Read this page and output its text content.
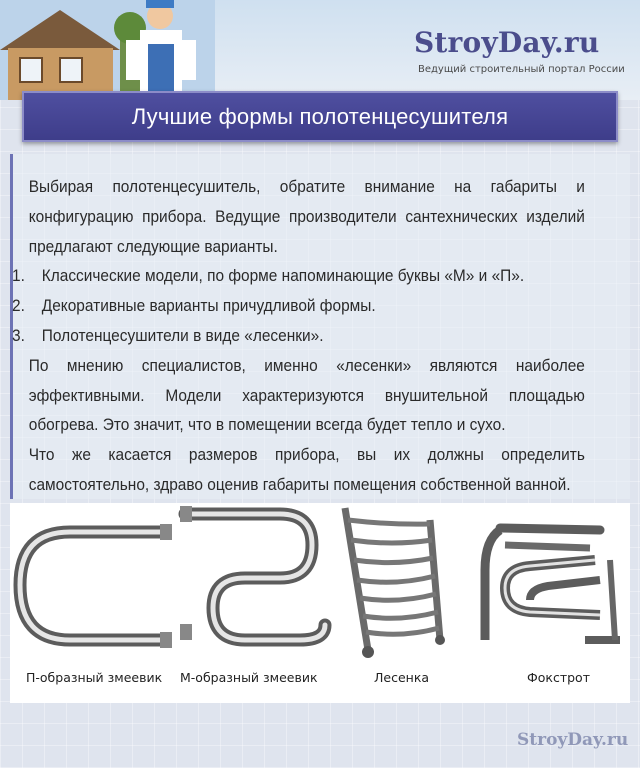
StroyDay.ru
Ведущий строительный портал России
Лучшие формы полотенцесушителя

Выбирая полотенцесушитель, обратите внимание на габариты и конфигурацию прибора. Ведущие производители сантехнических изделий предлагают следующие варианты.

1. Классические модели, по форме напоминающие буквы «М» и «П».

2. Декоративные варианты причудливой формы.

3. Полотенцесушители в виде «лесенки».

По мнению специалистов, именно «лесенки» являются наиболее эффективными. Модели характеризуются внушительной площадью обогрева. Это значит, что в помещении всегда будет тепло и сухо.

Что же касается размеров прибора, вы их должны определить самостоятельно, здраво оценив габариты помещения собственной ванной.

П-образный змеевик М-образный змеевик	Лесенка	Фокстрот
StroyDay.ru
